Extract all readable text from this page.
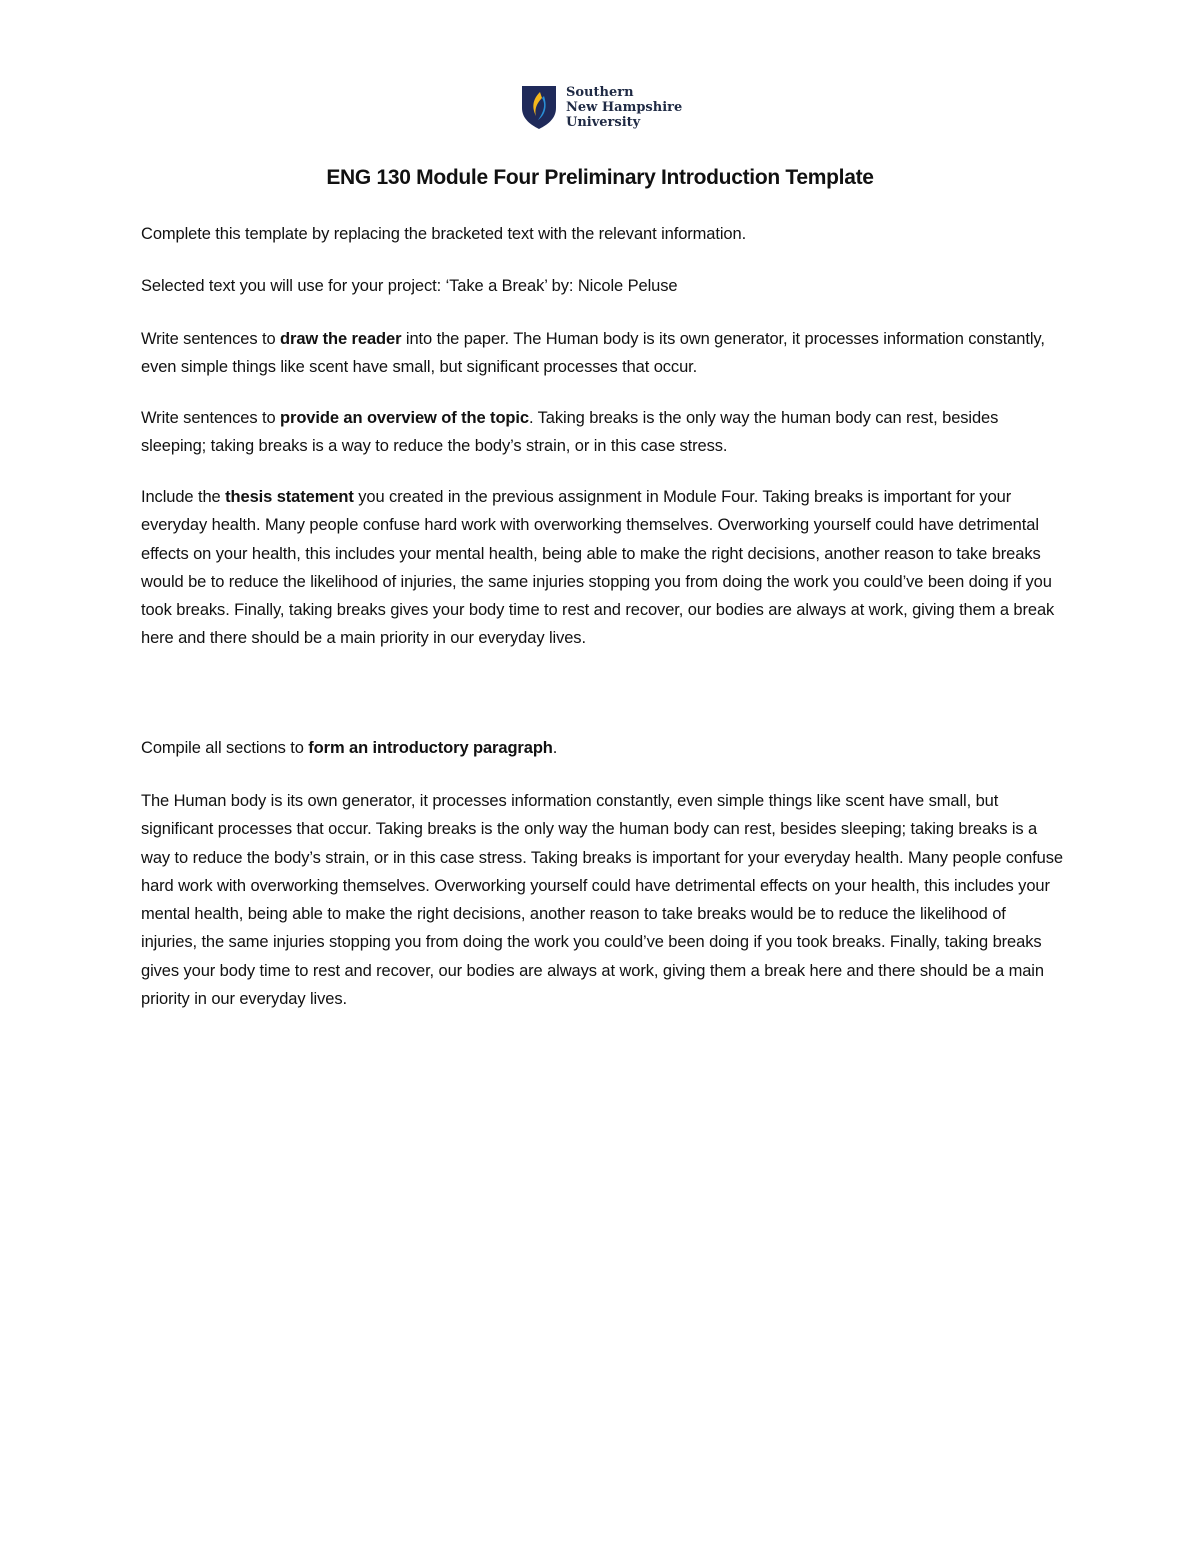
Southern
New Hampshire
University
ENG 130 Module Four Preliminary Introduction Template
Complete this template by replacing the bracketed text with the relevant information.
Selected text you will use for your project: ‘Take a Break’ by: Nicole Peluse
Write sentences to draw the reader into the paper. The Human body is its own generator, it processes information constantly, even simple things like scent have small, but significant processes that occur.
Write sentences to provide an overview of the topic. Taking breaks is the only way the human body can rest, besides sleeping; taking breaks is a way to reduce the body’s strain, or in this case stress.
Include the thesis statement you created in the previous assignment in Module Four. Taking breaks is important for your everyday health. Many people confuse hard work with overworking themselves. Overworking yourself could have detrimental effects on your health, this includes your mental health, being able to make the right decisions, another reason to take breaks would be to reduce the likelihood of injuries, the same injuries stopping you from doing the work you could’ve been doing if you took breaks. Finally, taking breaks gives your body time to rest and recover, our bodies are always at work, giving them a break here and there should be a main priority in our everyday lives.
Compile all sections to form an introductory paragraph.
The Human body is its own generator, it processes information constantly, even simple things like scent have small, but significant processes that occur. Taking breaks is the only way the human body can rest, besides sleeping; taking breaks is a way to reduce the body’s strain, or in this case stress. Taking breaks is important for your everyday health. Many people confuse hard work with overworking themselves. Overworking yourself could have detrimental effects on your health, this includes your mental health, being able to make the right decisions, another reason to take breaks would be to reduce the likelihood of injuries, the same injuries stopping you from doing the work you could’ve been doing if you took breaks. Finally, taking breaks gives your body time to rest and recover, our bodies are always at work, giving them a break here and there should be a main priority in our everyday lives.
